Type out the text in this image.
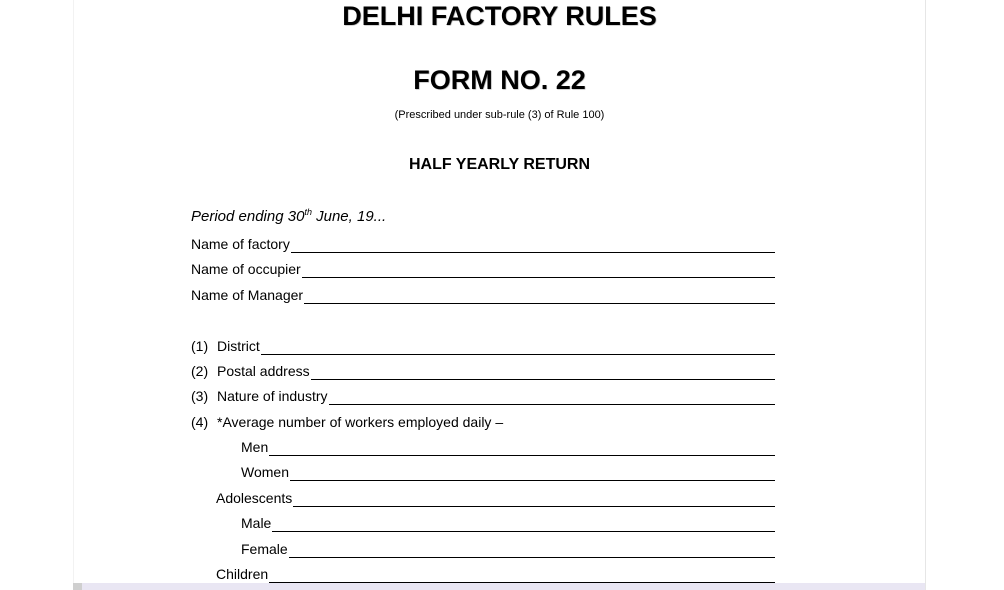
DELHI FACTORY RULES
FORM NO. 22
(Prescribed under sub-rule (3) of Rule 100)
HALF YEARLY RETURN
Period ending 30th June, 19...
Name of factory
Name of occupier
Name of Manager
(1) District
(2) Postal address
(3) Nature of industry
(4) *Average number of workers employed daily –
Men
Women
Adolescents
Male
Female
Children
